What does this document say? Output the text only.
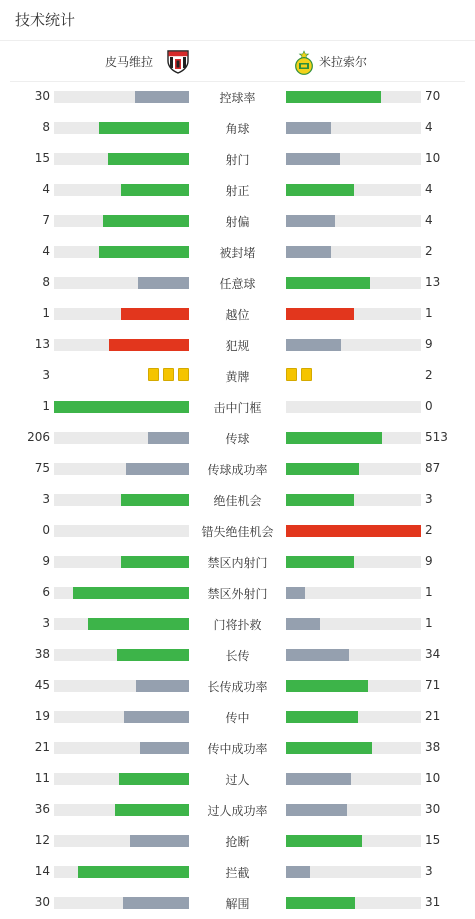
技术统计
皮马维拉	米拉索尔
30	控球率	70
8	角球	4
15	射门	10
4	射正	4
7	射偏	4
4	被封堵	2
8	任意球	13
1	越位	1
13	犯规	9
3	黄牌	2
1	击中门框	0
206	传球	513
75	传球成功率	87
3	绝佳机会	3
0	错失绝佳机会	2
9	禁区内射门	9
6	禁区外射门	1
3	门将扑救	1
38	长传	34
45	长传成功率	71
19	传中	21
21	传中成功率	38
11	过人	10
36	过人成功率	30
12	抢断	15
14	拦截	3
30	解围	31
